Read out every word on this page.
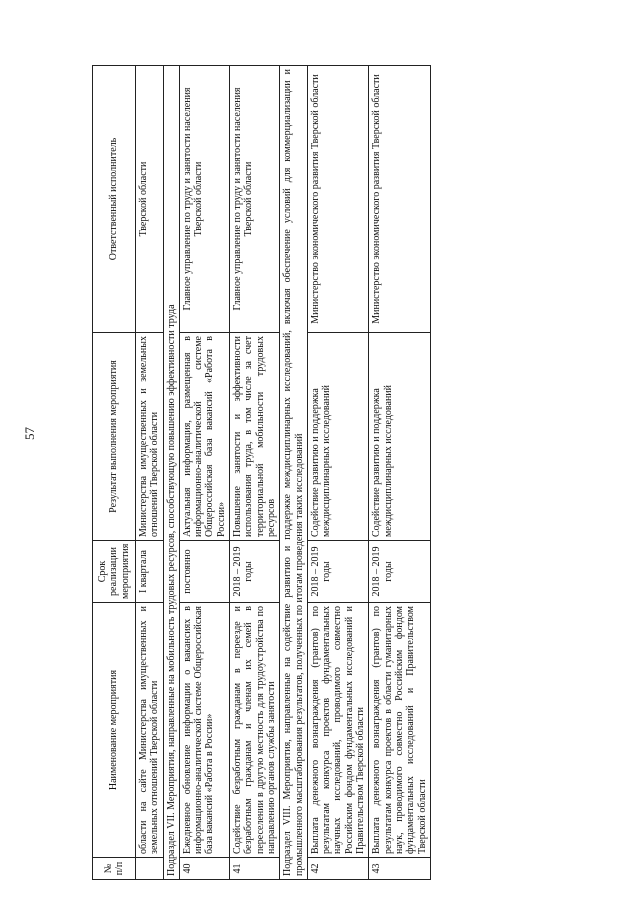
57
№ п/п	Наименование мероприятия	Срок реализации мероприятия	Результат выполнения мероприятия	Ответственный исполнитель
	области на сайте Министерства имущественных и земельных отношений Тверской области	I квартала	Министерства имущественных и земельных отношений Тверской области	Тверской области
Подраздел VII. Мероприятия, направленные на мобильность трудовых ресурсов, способствующую повышению эффективности труда				
40	Ежедневное обновление информации о вакансиях в информационно-аналитической системе Общероссийская база вакансий «Работа в России»	постоянно	Актуальная информация, размещенная в информационно-аналитической системе Общероссийская база вакансий «Работа в России»	Главное управление по труду и занятости населения Тверской области
41	Содействие безработным гражданам в переезде и безработным гражданам и членам их семей в переселении в другую местность для трудоустройства по направлению органов службы занятости	2018 – 2019 годы	Повышение занятости и эффективности использования труда, в том числе за счет территориальной мобильности трудовых ресурсов	Главное управление по труду и занятости населения Тверской области
Подраздел VIII. Мероприятия, направленные на содействие развитию и поддержке междисциплинарных исследований, включая обеспечение условий для коммерциализации и промышленного масштабирования результатов, полученных по итогам проведения таких исследований				
42	Выплата денежного вознаграждения (грантов) по результатам конкурса проектов фундаментальных научных исследований, проводимого совместно Российским фондом фундаментальных исследований и Правительством Тверской области	2018 – 2019 годы	Содействие развитию и поддержка междисциплинарных исследований	Министерство экономического развития Тверской области
43	Выплата денежного вознаграждения (грантов) по результатам конкурса проектов в области гуманитарных наук, проводимого совместно Российским фондом фундаментальных исследований и Правительством Тверской области	2018 – 2019 годы	Содействие развитию и поддержка междисциплинарных исследований	Министерство экономического развития Тверской области
